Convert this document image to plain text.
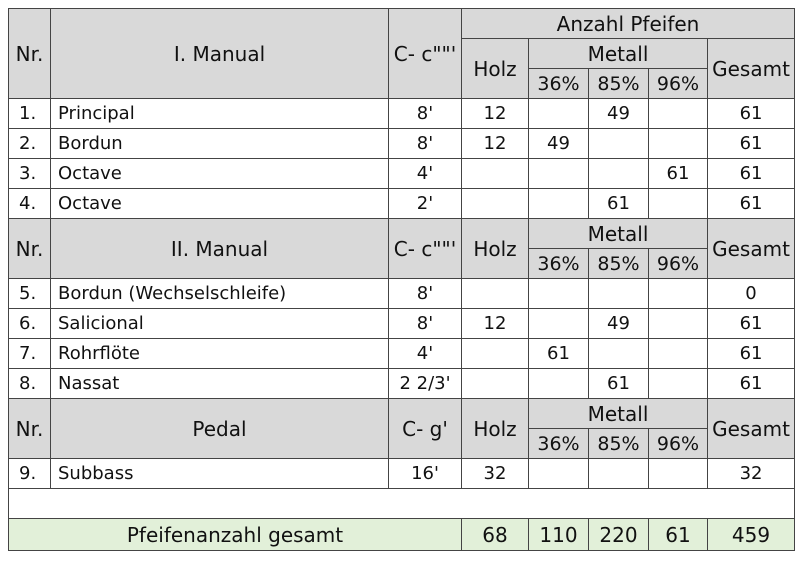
Nr.	I. Manual	C- c""'	Anzahl Pfeifen				
			Holz	Metall			Gesamt
				36%	85%	96%	
1.	Principal	8'	12		49		61
2.	Bordun	8'	12	49			61
3.	Octave	4'				61	61
4.	Octave	2'			61		61
Nr.	II. Manual	C- c""'	Holz	Metall			Gesamt
				36%	85%	96%	
5.	Bordun (Wechselschleife)	8'					0
6.	Salicional	8'	12		49		61
7.	Rohrflöte	4'		61			61
8.	Nassat	2 2/3'			61		61
Nr.	Pedal	C- g'	Holz	Metall			Gesamt
				36%	85%	96%	
9.	Subbass	16'	32				32

Pfeifenanzahl gesamt			68	110	220	61	459
